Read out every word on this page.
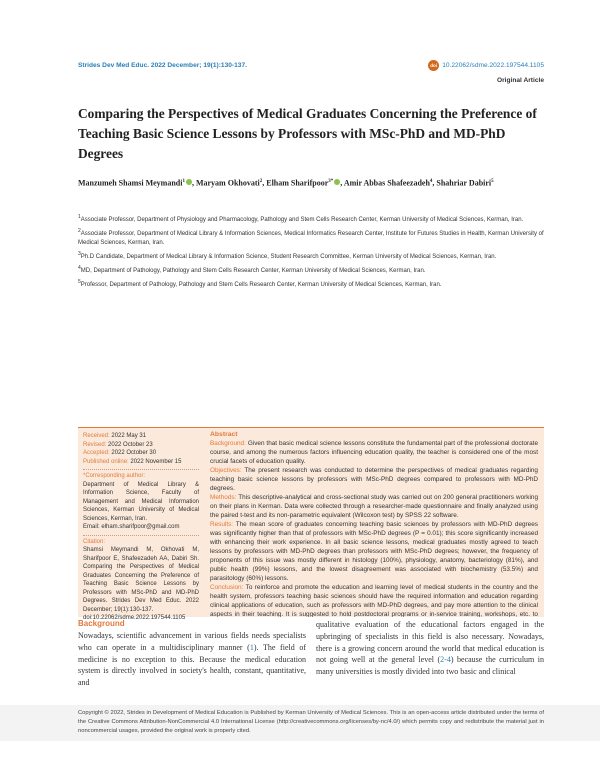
Strides Dev Med Educ. 2022 December; 19(1):130-137.	doi 10.22062/sdme.2022.197544.1105
Original Article
Comparing the Perspectives of Medical Graduates Concerning the Preference of Teaching Basic Science Lessons by Professors with MSc-PhD and MD-PhD Degrees
Manzumeh Shamsi Meymandi$^1$ , Maryam Okhovati$^2$, Elham Sharifpoor$^{3*}$ , Amir Abbas Shafeezadeh$^4$, Shahriar Dabiri$^5$

$^1$Associate Professor, Department of Physiology and Pharmacology, Pathology and Stem Cells Research Center, Kerman University of Medical Sciences, Kerman, Iran.

$^2$Associate Professor, Department of Medical Library & Information Sciences, Medical Informatics Research Center, Institute for Futures Studies in Health, Kerman University of Medical Sciences, Kerman, Iran.

$^3$Ph.D Candidate, Department of Medical Library & Information Science, Student Research Committee, Kerman University of Medical Sciences, Kerman, Iran.

$^4$MD, Department of Pathology, Pathology and Stem Cells Research Center, Kerman University of Medical Sciences, Kerman, Iran.

$^5$Professor, Department of Pathology, Pathology and Stem Cells Research Center, Kerman University of Medical Sciences, Kerman, Iran.

Received: 2022 May 31
Revised: 2022 October 23
Accepted: 2022 October 30
Published online: 2022 November 15
*Corresponding author:
Department of Medical Library & Information Science, Faculty of Management and Medical Information Sciences, Kerman University of Medical Sciences, Kerman, Iran.
Email: elham.sharifpoor@gmail.com
Citation:
Shamsi Meymandi M, Okhovati M, Sharifpoor E, Shafeezadeh AA, Dabiri Sh. Comparing the Perspectives of Medical Graduates Concerning the Preference of Teaching Basic Science Lessons by Professors with MSc-PhD and MD-PhD Degrees. Strides Dev Med Educ. 2022 December; 19(1):130-137.
doi:10.22062/sdme.2022.197544.1105
Abstract

Background: Given that basic medical science lessons constitute the fundamental part of the professional doctorate course, and among the numerous factors influencing education quality, the teacher is considered one of the most crucial facets of education quality.

Objectives: The present research was conducted to determine the perspectives of medical graduates regarding teaching basic science lessons by professors with MSc-PhD degrees compared to professors with MD-PhD degrees.

Methods: This descriptive-analytical and cross-sectional study was carried out on 200 general practitioners working on their plans in Kerman. Data were collected through a researcher-made questionnaire and finally analyzed using the paired t-test and its non-parametric equivalent (Wilcoxon test) by SPSS 22 software.

Results: The mean score of graduates concerning teaching basic sciences by professors with MD-PhD degrees was significantly higher than that of professors with MSc-PhD degrees (P = 0.01); this score significantly increased with enhancing their work experience. In all basic science lessons, medical graduates mostly agreed to teach lessons by professors with MD-PhD degrees than professors with MSc-PhD degrees; however, the frequency of proponents of this issue was mostly different in histology (100%), physiology, anatomy, bacteriology (81%), and public health (99%) lessons, and the lowest disagreement was associated with biochemistry (53.5%) and parasitology (60%) lessons.

Conclusion: To reinforce and promote the education and learning level of medical students in the country and the health system, professors teaching basic sciences should have the required information and education regarding clinical applications of education, such as professors with MD-PhD degrees, and pay more attention to the clinical aspects in their teaching. It is suggested to hold postdoctoral programs or in-service training, workshops, etc. to

Background
Nowadays, scientific advancement in various fields needs specialists who can operate in a multidisciplinary manner (1). The field of medicine is no exception to this. Because the medical education system is directly involved in society's health, constant, quantitative, and
qualitative evaluation of the educational factors engaged in the upbringing of specialists in this field is also necessary. Nowadays, there is a growing concern around the world that medical education is not going well at the general level (2-4) because the curriculum in many universities is mostly divided into two basic and clinical
Copyright © 2022, Strides in Development of Medical Education is Published by Kerman University of Medical Sciences. This is an open-access article distributed under the terms of the Creative Commons Attribution-NonCommercial 4.0 International License (http://creativecommons.org/licenses/by-nc/4.0/) which permits copy and redistribute the material just in noncommercial usages, provided the original work is properly cited.
